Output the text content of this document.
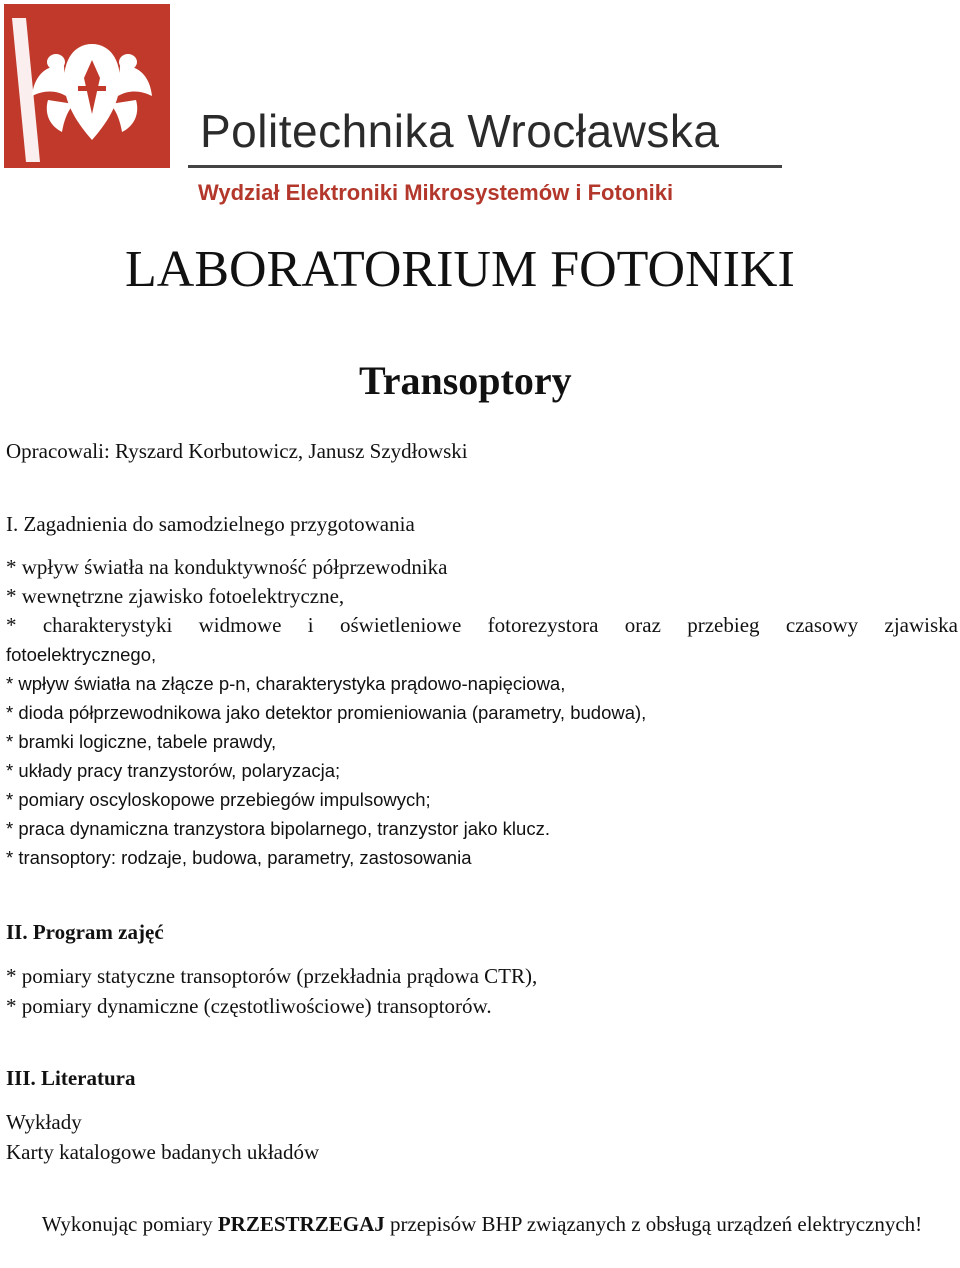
Politechnika Wrocławska
Wydział Elektroniki Mikrosystemów i Fotoniki
LABORATORIUM FOTONIKI
Transoptory
Opracowali: Ryszard Korbutowicz, Janusz Szydłowski
I. Zagadnienia do samodzielnego przygotowania
* wpływ światła na konduktywność półprzewodnika
* wewnętrzne zjawisko fotoelektryczne,
* charakterystyki widmowe i oświetleniowe fotorezystora oraz przebieg czasowy zjawiska
fotoelektrycznego,
* wpływ światła na złącze p-n, charakterystyka prądowo-napięciowa,
* dioda półprzewodnikowa jako detektor promieniowania (parametry, budowa),
* bramki logiczne, tabele prawdy,
* układy pracy tranzystorów, polaryzacja;
* pomiary oscyloskopowe przebiegów impulsowych;
* praca dynamiczna tranzystora bipolarnego, tranzystor jako klucz.
* transoptory: rodzaje, budowa, parametry, zastosowania
II. Program zajęć
* pomiary statyczne transoptorów (przekładnia prądowa CTR),
* pomiary dynamiczne (częstotliwościowe) transoptorów.
III. Literatura
Wykłady
Karty katalogowe badanych układów
Wykonując pomiary PRZESTRZEGAJ przepisów BHP związanych z obsługą urządzeń elektrycznych!
